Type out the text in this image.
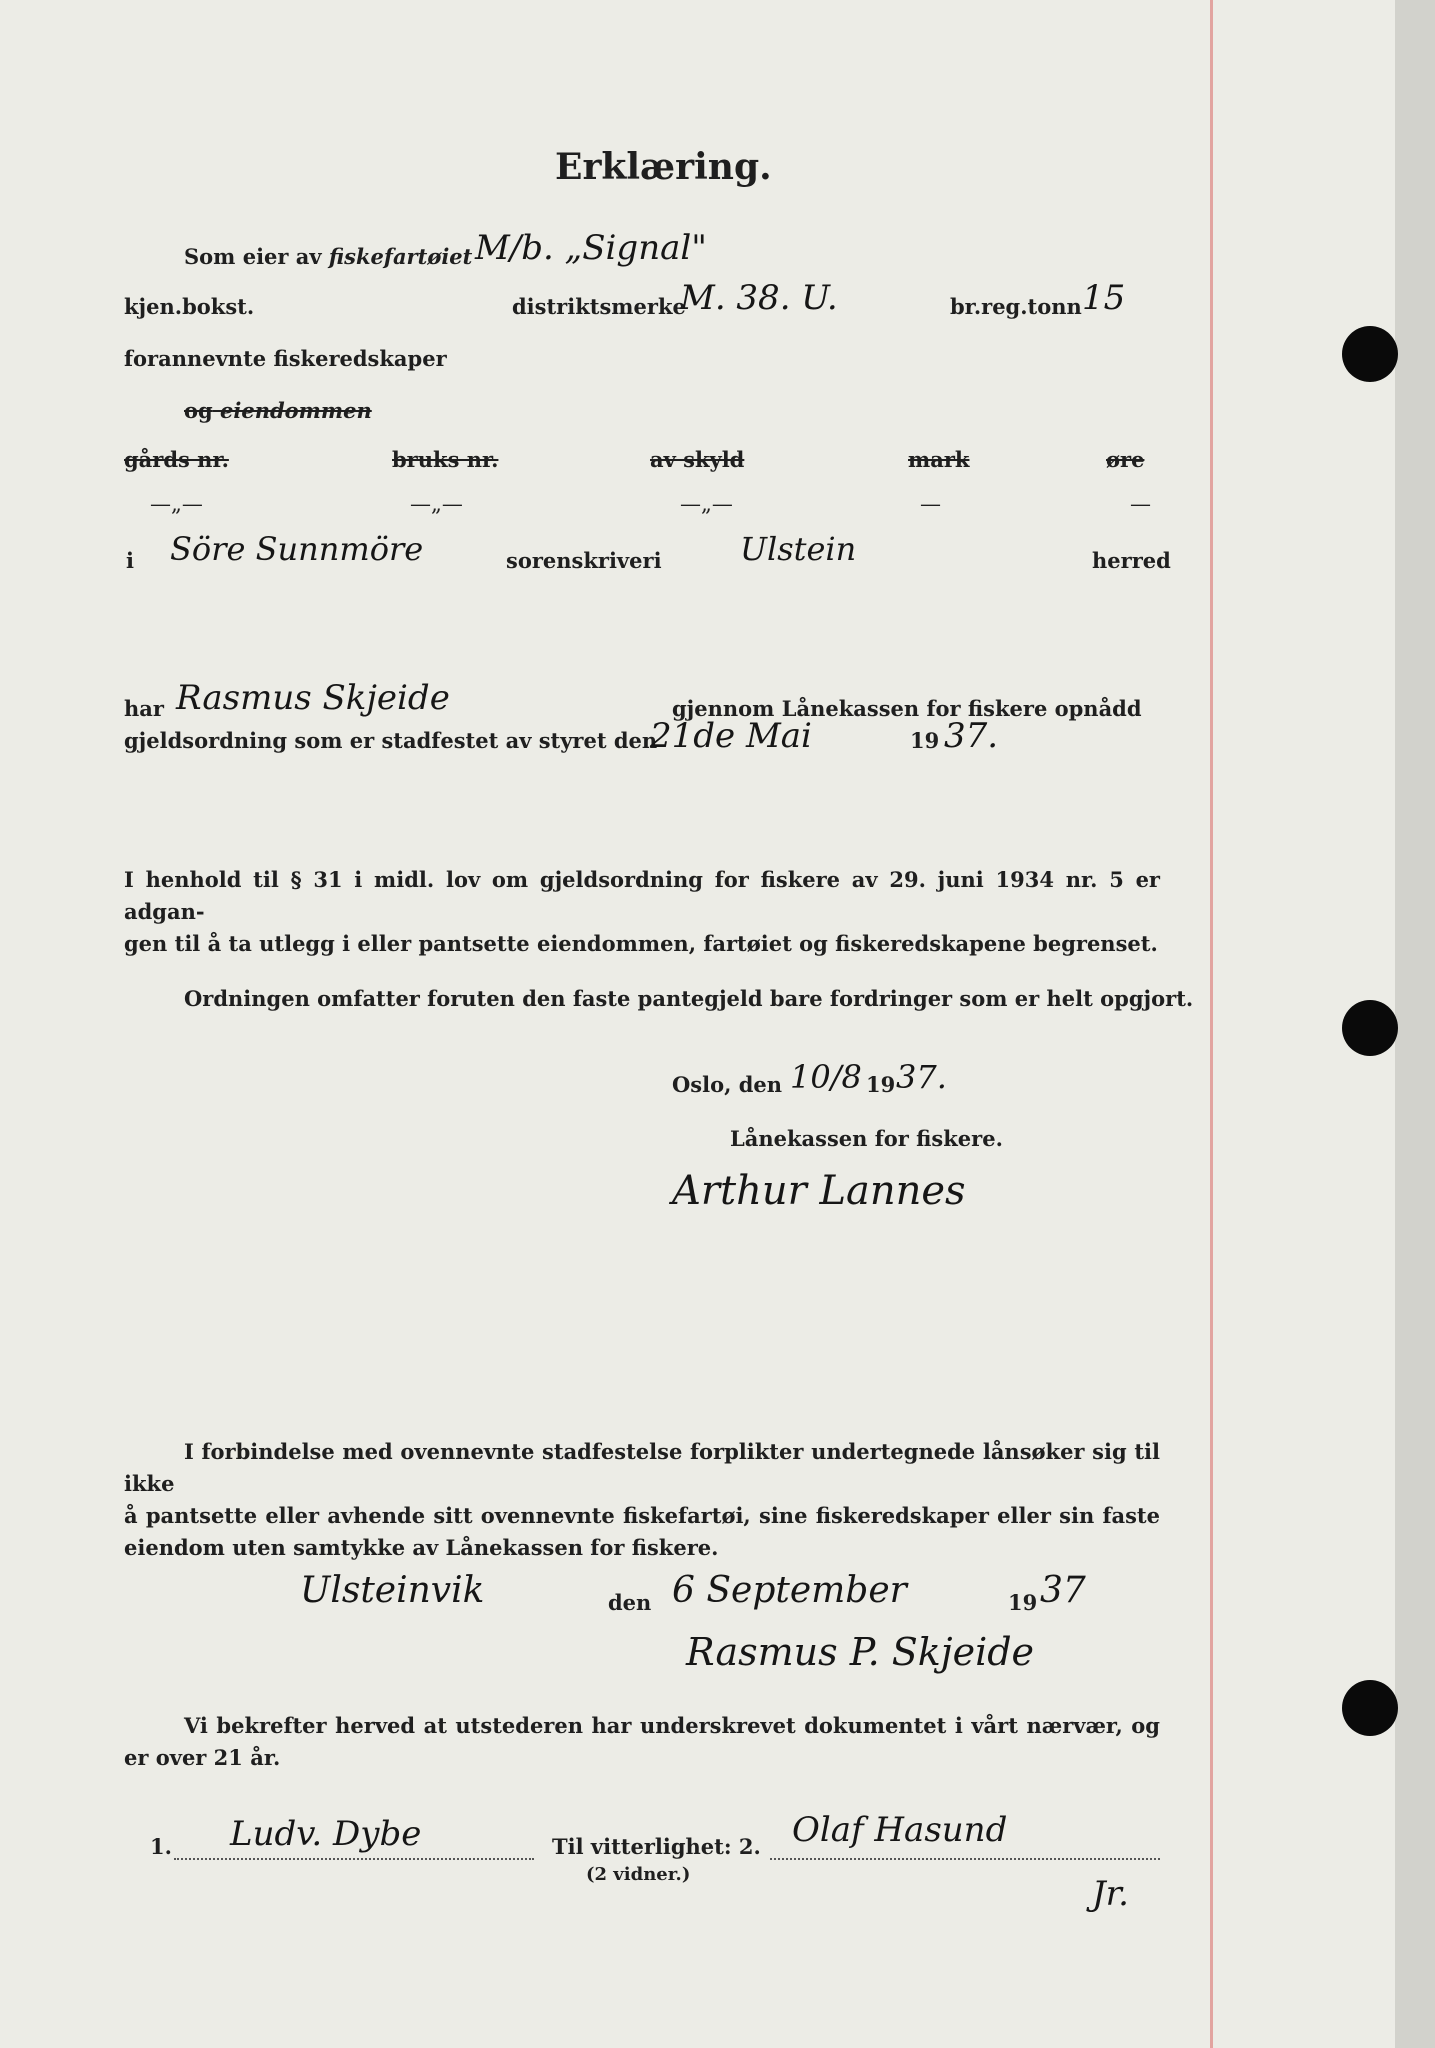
Erklæring.
Som eier av fiskefartøiet M/b. „Signal"
kjen.bokst.	distriktsmerke
M. 38. U.	br.reg.tonn 15
forannevnte fiskeredskaper
og eiendommen
gårds nr.	bruks nr.	av skyld	mark	øre
—„—	—„—	—„—	—	—
i Söre Sunnmöre	sorenskriveri Ulstein	herred
har Rasmus Skjeide	gjennom Lånekassen for fiskere opnådd
gjeldsordning som er stadfestet av styret den
21de Mai	19 37.
I henhold til § 31 i midl. lov om gjeldsordning for fiskere av 29. juni 1934 nr. 5 er adgan-
gen til å ta utlegg i eller pantsette eiendommen, fartøiet og fiskeredskapene begrenset.
Ordningen omfatter foruten den faste pantegjeld bare fordringer som er helt opgjort.
Oslo, den 10/8 19 37.
Lånekassen for fiskere.
Arthur Lannes
I forbindelse med ovennevnte stadfestelse forplikter undertegnede lånsøker sig til ikke
å pantsette eller avhende sitt ovennevnte fiskefartøi, sine fiskeredskaper eller sin faste
eiendom uten samtykke av Lånekassen for fiskere.
Ulsteinvik	den 6 September	19 37
Rasmus P. Skjeide
Vi bekrefter herved at utstederen har underskrevet dokumentet i vårt nærvær, og
er over 21 år.
1. Ludv. Dybe	Til vitterlighet: 2. Olaf Hasund
(2 vidner.)	Jr.
